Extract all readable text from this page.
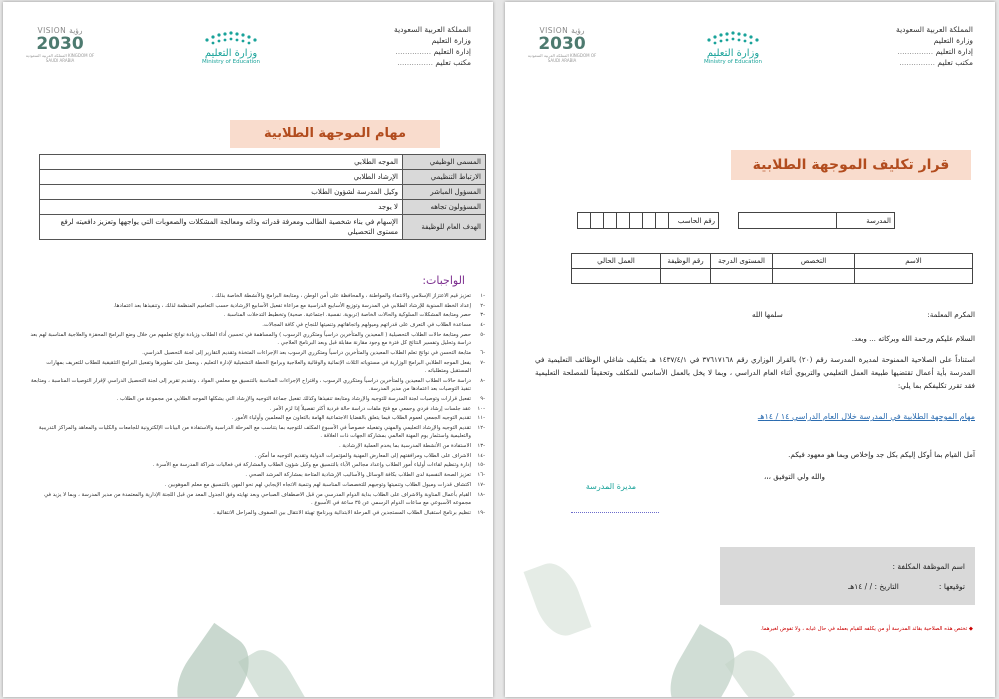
المملكة العربية السعودية
وزارة التعليم
إدارة التعليم ...............
مكتب تعليم ...............
وزارة التعليم
Ministry of Education
VISION رؤية
2030
المملكة العربية السعودية KINGDOM OF SAUDI ARABIA
مهام الموجهة الطلابية
المسمى الوظيفي	الموجه الطلابي
الارتباط التنظيمي	الإرشاد الطلابي
المسؤول المباشر	وكيل المدرسة لشؤون الطلاب
المسؤولون تجاهه	لا يوجد
الهدف العام للوظيفة	الإسهام في بناء شخصية الطالب ومعرفة قدراته وذاته ومعالجة المشكلات والصعوبات التي يواجهها وتعزيز دافعيته لرفع مستوى التحصيلي
الواجبات:
-١
تعزيز قيم الاعتزاز الإسلامي والانتماء والمواطنة ، والمحافظة على أمن الوطن ، ومتابعة البرامج والأنشطة الخاصة بذلك .
-٢
إعداد الخطة السنوية للإرشاد الطلابي في المدرسة وتوزيع الأسابيع الدراسية مع مراعاة تفعيل الأسابيع الإرشادية حسب التعاميم المنظمة لذلك ، وتنفيذها بعد اعتمادها.
-٣
حصر ومتابعة المشكلات السلوكية والحالات الخاصة (تربوية. نفسية. اجتماعية. صحية) وتخطيط التدخلات المناسبة .
-٤
مساعدة الطلاب في التعرف على قدراتهم وميولهم واتجاهاتهم وتنميتها للنجاح في كافة المجالات.
-٥
حصر ومتابعة حالات الطلاب التحصيلية ( المعيدين والمتأخرين دراسياً ومتكرري الرسوب ) والمساهمة في تحسين أداء الطلاب وزيادة نواتج تعلمهم من خلال وضع البرامج المحفزة والعلاجية المناسبة لهم بعد دراسة وتحليل وتفسير النتائج كل فترة مع وجود مقارنة مقابلة قبل وبعد البرنامج العلاجي .
-٦
متابعة التحسن في نواتج تعلم الطلاب المعيدين والمتأخرين دراسياً ومتكرري الرسوب بعد الإجراءات المتخذة وتقديم التقارير إلى لجنة التحصيل الدراسي.
-٧
يفعل الموجه الطلابي البرامج الوزارية في مستوياته الثلاث الإنمائية والوقائية والعلاجية وبرامج الخطة التشغيلية لإدارة التعليم ، ويعمل على تطويرها وتفعيل البرامج التثقيفية للطلاب للتعريف بمهارات المستقبل ومتطلباته .
-٨
دراسة حالات الطلاب المعيدين والمتأخرين دراسياً ومتكرري الرسوب ، واقتراح الإجراءات المناسبة بالتنسيق مع معلمي المواد ، وتقديم تقرير إلى لجنة التحصيل الدراسي لإقرار التوصيات المناسبة ، ومتابعة تنفيذ التوصيات بعد اعتمادها من مدير المدرسة.
-٩
تفعيل قرارات وتوصيات لجنة المدرسة للتوجيه والإرشاد ومتابعة تنفيذها وكذلك تفعيل جماعة التوجيه والإرشاد التي يشكلها الموجه الطلابي من مجموعة من الطلاب .
-١٠
عقد جلسات إرشاد فردي وجمعي مع فتح ملفات دراسة حالة فردية أكثر تفصيلاً إذا لزم الأمر .
-١١
تقديم التوجيه الجمعي لعموم الطلاب فيما يتعلق بالقضايا الاجتماعية الهامة بالتعاون مع المعلمين وأولياء الأمور .
-١٢
تقديم التوجيه والإرشاد التعليمي والمهني وتفعيله خصوصاً في الأسبوع المكثف للتوجيه بما يتناسب مع المرحلة الدراسية والاستفادة من البيانات الإلكترونية للجامعات والكليات والمعاهد والمراكز التدريبية والتعليمية واستثمار يوم المهنة العالمي بمشاركة الجهات ذات العلاقة .
-١٣
الاستفادة من الأنشطة المدرسية بما يخدم العملية الإرشادية .
-١٤
الاشراف على الطلاب ومرافقتهم إلى المعارض المهنية والمؤتمرات الدولية وتقديم التوجيه ما أمكن .
-١٥
إدارة وتنظيم لقاءات أولياء أمور الطلاب وإعداد مجالس الآباء بالتنسيق مع وكيل شؤون الطلاب والمشاركة في فعاليات شراكة المدرسة مع الأسرة .
-١٦
تعزيز الصحة النفسية لدى الطلاب بكافة الوسائل والأساليب الإرشادية المتاحة بمشاركة المرشد الصحي .
-١٧
اكتشاف قدرات وميول الطلاب وتنميتها وتوجيهم للتخصصات المناسبة لهم وتنمية الاتجاه الإيجابي لهم نحو المهن بالتنسيق مع معلم الموهوبين .
-١٨
القيام بأعمال المناوبة والاشراف على الطلاب بداية الدوام المدرسي من قبل الاصطفاف الصباحي وبعد نهايته وفق الجدول المعد من قبل اللجنة الإدارية والمعتمدة من مدير المدرسة ، وبما لا يزيد في مجموعه الأسبوعي مع ساعات الدوام الرسمي عن ٣٥ ساعة في الأسبوع .
-١٩
تنظيم برنامج استقبال الطلاب المستجدين في المرحلة الابتدائية وبرنامج تهيئة الانتقال بين الصفوف والمراحل الانتقالية .
المملكة العربية السعودية
وزارة التعليم
إدارة التعليم ...............
مكتب تعليم ...............
وزارة التعليم
Ministry of Education
VISION رؤية
2030
المملكة العربية السعودية KINGDOM OF SAUDI ARABIA
قرار تكليف الموجهة الطلابية
المدرسة			رقم الحاسب							
الاسم	التخصص	المستوى الدرجة	رقم الوظيفة	العمل الحالي

المكرم المعلمة:  سلمها الله
السلام عليكم ورحمة الله وبركاته ... وبعد.
استناداً على الصلاحية الممنوحة لمديرة المدرسة رقم (٢٠) بالقرار الوزاري رقم ٣٧٦١٧١٦٨ في ١٤٣٧/٤/١ هـ بتكليف شاغلي الوظائف التعليمية في المدرسة بأية أعمال تقتضيها طبيعة العمل التعليمي والتربوي أثناء العام الدراسي ، وبما لا يخل بالعمل الأساسي للمكلف وتحقيقاً للمصلحة التعليمية فقد تقرر تكليفكم بما يلي:
مهام الموجهة الطلابية في المدرسة خلال العام الدراسي ١٤ / ١٤هـ
آمل القيام بما أوكل إليكم بكل جد وإخلاص وبما هو معهود فيكم.
والله ولي التوفيق ،،،
مديرة المدرسة
اسم الموظفة المكلفة :
توقيعها :
التاريخ : / / ١٤هـ
◆ تختص هذه الصلاحية بقائد المدرسة أو من يكلفه للقيام بعمله في حال غيابه ، ولا تفوض لغيرهما.
